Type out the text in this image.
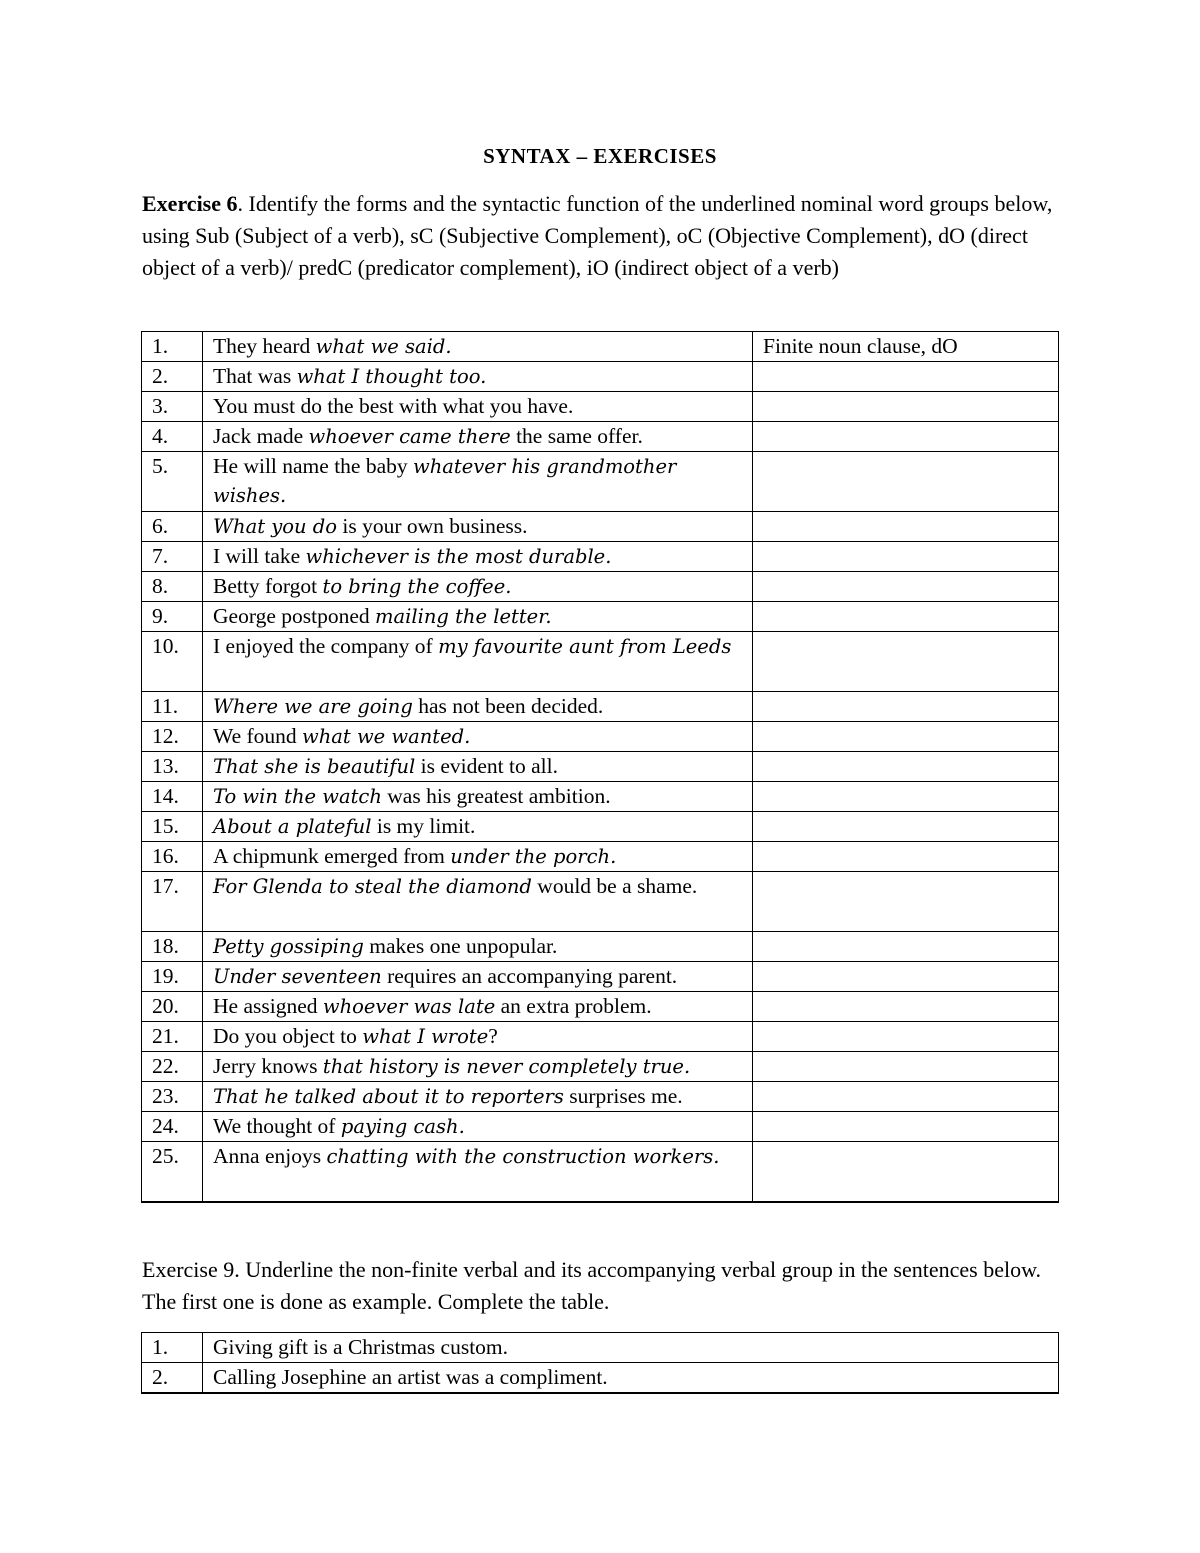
SYNTAX – EXERCISES
Exercise 6. Identify the forms and the syntactic function of the underlined nominal word groups below, using Sub (Subject of a verb), sC (Subjective Complement), oC (Objective Complement), dO (direct object of a verb)/ predC (predicator complement), iO (indirect object of a verb)
1.	They heard what we said.	Finite noun clause, dO
2.	That was what I thought too.	
3.	You must do the best with what you have.	
4.	Jack made whoever came there the same offer.	
5.	He will name the baby whatever his grandmother wishes.	
6.	What you do is your own business.	
7.	I will take whichever is the most durable.	
8.	Betty forgot to bring the coffee.	
9.	George postponed mailing the letter.	
10.	I enjoyed the company of my favourite aunt from Leeds	
11.	Where we are going has not been decided.	
12.	We found what we wanted.	
13.	That she is beautiful is evident to all.	
14.	To win the watch was his greatest ambition.	
15.	About a plateful is my limit.	
16.	A chipmunk emerged from under the porch.	
17.	For Glenda to steal the diamond would be a shame.	
18.	Petty gossiping makes one unpopular.	
19.	Under seventeen requires an accompanying parent.	
20.	He assigned whoever was late an extra problem.	
21.	Do you object to what I wrote?	
22.	Jerry knows that history is never completely true.	
23.	That he talked about it to reporters surprises me.	
24.	We thought of paying cash.	
25.	Anna enjoys chatting with the construction workers.	
Exercise 9. Underline the non-finite verbal and its accompanying verbal group in the sentences below. The first one is done as example. Complete the table.
1.	Giving gift is a Christmas custom.
2.	Calling Josephine an artist was a compliment.
